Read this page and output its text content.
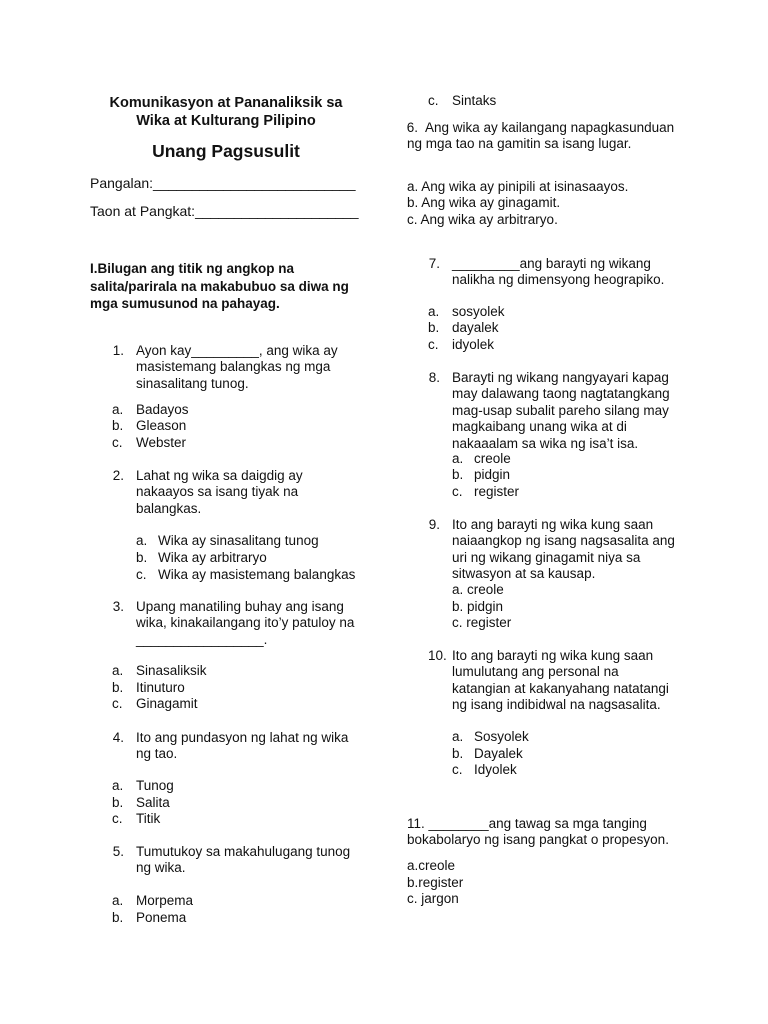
Komunikasyon at Pananaliksik sa
Wika at Kulturang Pilipino
Unang Pagsusulit
Pangalan:__________________________
Taon at Pangkat:_____________________
I.Bilugan ang titik ng angkop na salita/parirala na makabubuo sa diwa ng mga sumusunod na pahayag.
1. Ayon kay_________, ang wika ay masistemang balangkas ng mga sinasalitang tunog.
a. Badayos
b. Gleason
c. Webster
2. Lahat ng wika sa daigdig ay nakaayos sa isang tiyak na balangkas.
a. Wika ay sinasalitang tunog
b. Wika ay arbitraryo
c. Wika ay masistemang balangkas
3. Upang manatiling buhay ang isang wika, kinakailangang ito’y patuloy na _________________.
a. Sinasaliksik
b. Itinuturo
c. Ginagamit
4. Ito ang pundasyon ng lahat ng wika ng tao.
a. Tunog
b. Salita
c. Titik
5. Tumutukoy sa makahulugang tunog ng wika.
a. Morpema
b. Ponema
c. Sintaks
6. Ang wika ay kailangang napagkasunduan ng mga tao na gamitin sa isang lugar.
a. Ang wika ay pinipili at isinasaayos.
b. Ang wika ay ginagamit.
c. Ang wika ay arbitraryo.
7. _________ang barayti ng wikang nalikha ng dimensyong heograpiko.
a. sosyolek
b. dayalek
c. idyolek
8. Barayti ng wikang nangyayari kapag may dalawang taong nagtatangkang mag-usap subalit pareho silang may magkaibang unang wika at di nakaaalam sa wika ng isa’t isa.
a. creole
b. pidgin
c. register
9. Ito ang barayti ng wika kung saan naiaangkop ng isang nagsasalita ang uri ng wikang ginagamit niya sa sitwasyon at sa kausap.
a. creole
b. pidgin
c. register
10. Ito ang barayti ng wika kung saan lumulutang ang personal na katangian at kakanyahang natatangi ng isang indibidwal na nagsasalita.
a. Sosyolek
b. Dayalek
c. Idyolek
11. ________ang tawag sa mga tanging bokabolaryo ng isang pangkat o propesyon.
a.creole
b.register
c. jargon
